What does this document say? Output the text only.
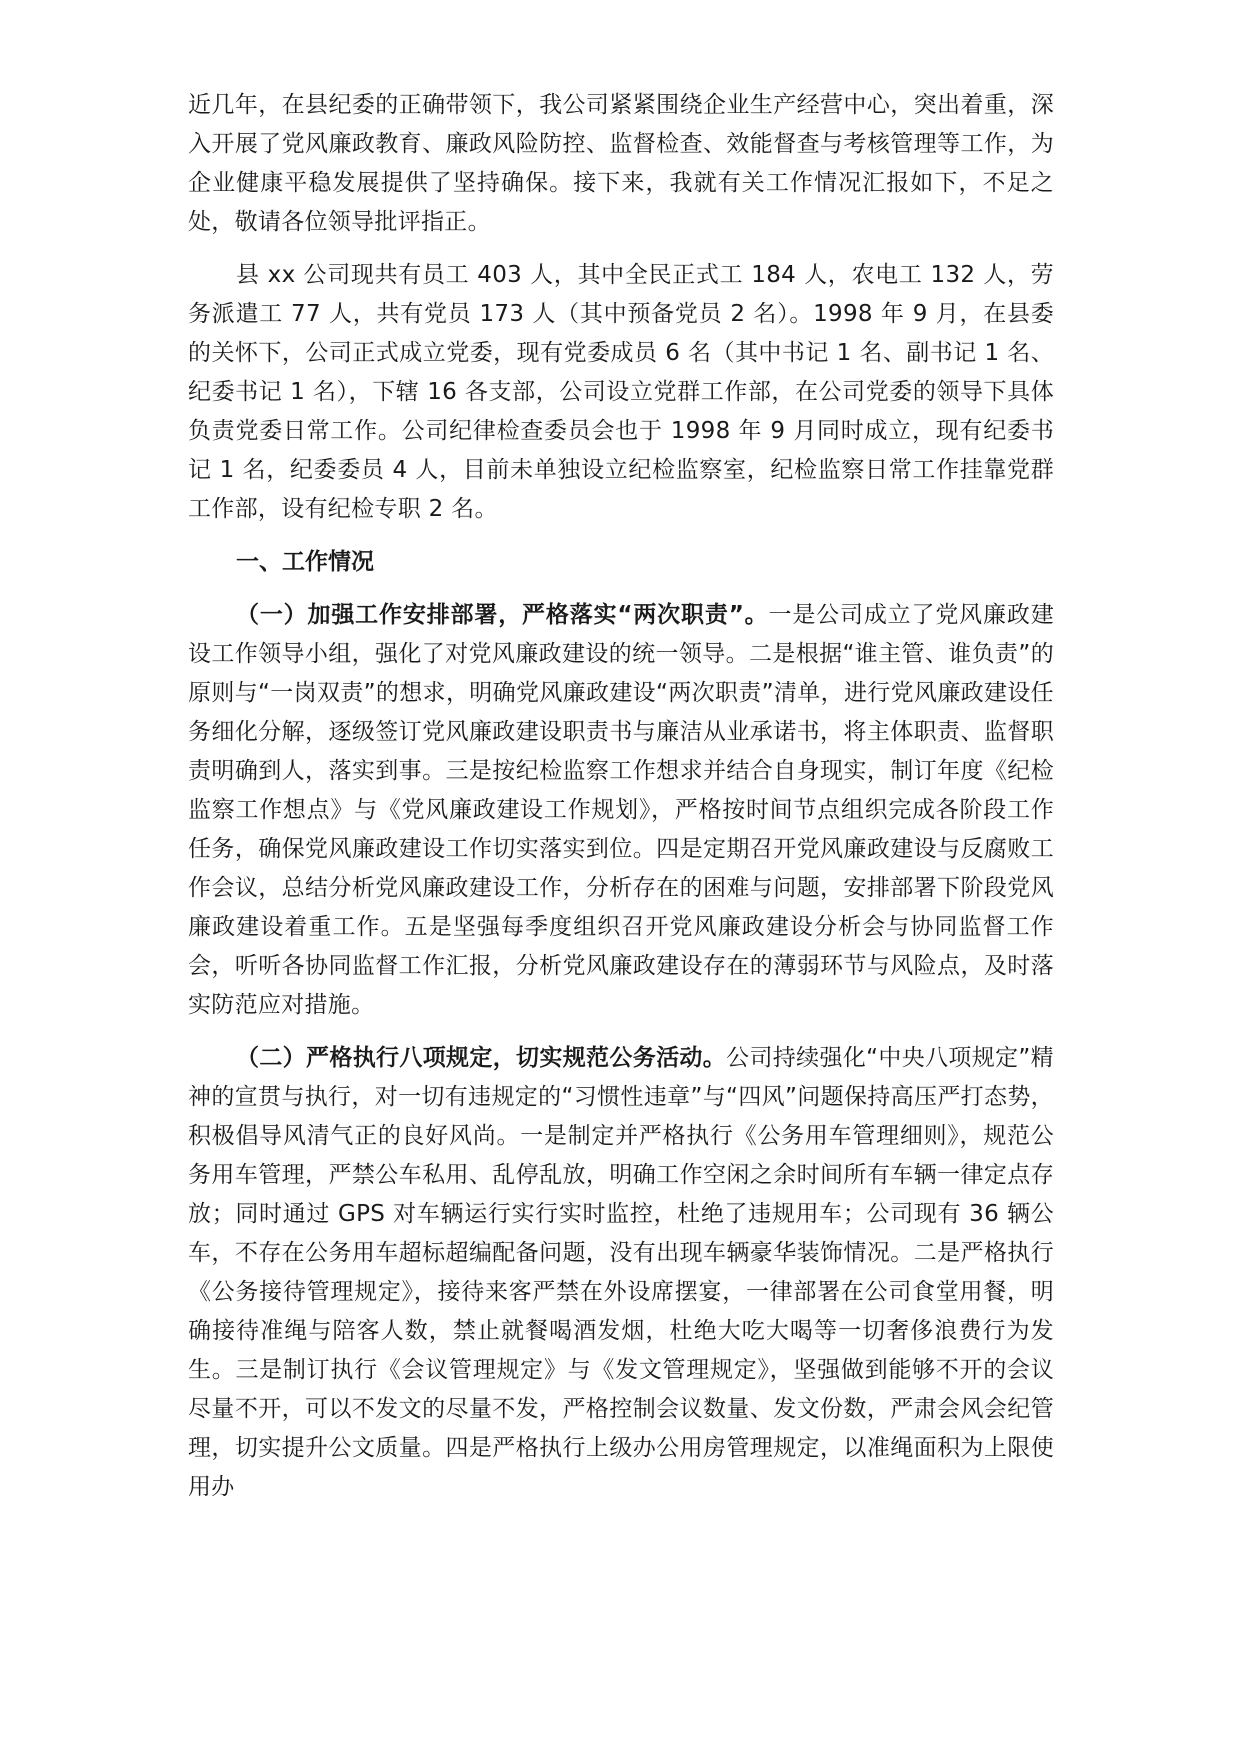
近几年，在县纪委的正确带领下，我公司紧紧围绕企业生产经营中心，突出着重，深入开展了党风廉政教育、廉政风险防控、监督检查、效能督查与考核管理等工作，为企业健康平稳发展提供了坚持确保。接下来，我就有关工作情况汇报如下，不足之处，敬请各位领导批评指正。

县 xx 公司现共有员工 403 人，其中全民正式工 184 人，农电工 132 人，劳务派遣工 77 人，共有党员 173 人（其中预备党员 2 名）。1998 年 9 月，在县委的关怀下，公司正式成立党委，现有党委成员 6 名（其中书记 1 名、副书记 1 名、纪委书记 1 名），下辖 16 各支部，公司设立党群工作部，在公司党委的领导下具体负责党委日常工作。公司纪律检查委员会也于 1998 年 9 月同时成立，现有纪委书记 1 名，纪委委员 4 人，目前未单独设立纪检监察室，纪检监察日常工作挂靠党群工作部，设有纪检专职 2 名。

一、工作情况

（一）加强工作安排部署，严格落实“两次职责”。一是公司成立了党风廉政建设工作领导小组，强化了对党风廉政建设的统一领导。二是根据“谁主管、谁负责”的原则与“一岗双责”的想求，明确党风廉政建设“两次职责”清单，进行党风廉政建设任务细化分解，逐级签订党风廉政建设职责书与廉洁从业承诺书，将主体职责、监督职责明确到人，落实到事。三是按纪检监察工作想求并结合自身现实，制订年度《纪检监察工作想点》与《党风廉政建设工作规划》，严格按时间节点组织完成各阶段工作任务，确保党风廉政建设工作切实落实到位。四是定期召开党风廉政建设与反腐败工作会议，总结分析党风廉政建设工作，分析存在的困难与问题，安排部署下阶段党风廉政建设着重工作。五是坚强每季度组织召开党风廉政建设分析会与协同监督工作会，听听各协同监督工作汇报，分析党风廉政建设存在的薄弱环节与风险点，及时落实防范应对措施。

（二）严格执行八项规定，切实规范公务活动。公司持续强化“中央八项规定”精神的宣贯与执行，对一切有违规定的“习惯性违章”与“四风”问题保持高压严打态势，积极倡导风清气正的良好风尚。一是制定并严格执行《公务用车管理细则》，规范公务用车管理，严禁公车私用、乱停乱放，明确工作空闲之余时间所有车辆一律定点存放；同时通过 GPS 对车辆运行实行实时监控，杜绝了违规用车；公司现有 36 辆公车，不存在公务用车超标超编配备问题，没有出现车辆豪华装饰情况。二是严格执行《公务接待管理规定》，接待来客严禁在外设席摆宴，一律部署在公司食堂用餐，明确接待准绳与陪客人数，禁止就餐喝酒发烟，杜绝大吃大喝等一切奢侈浪费行为发生。三是制订执行《会议管理规定》与《发文管理规定》，坚强做到能够不开的会议尽量不开，可以不发文的尽量不发，严格控制会议数量、发文份数，严肃会风会纪管理，切实提升公文质量。四是严格执行上级办公用房管理规定，以准绳面积为上限使用办
